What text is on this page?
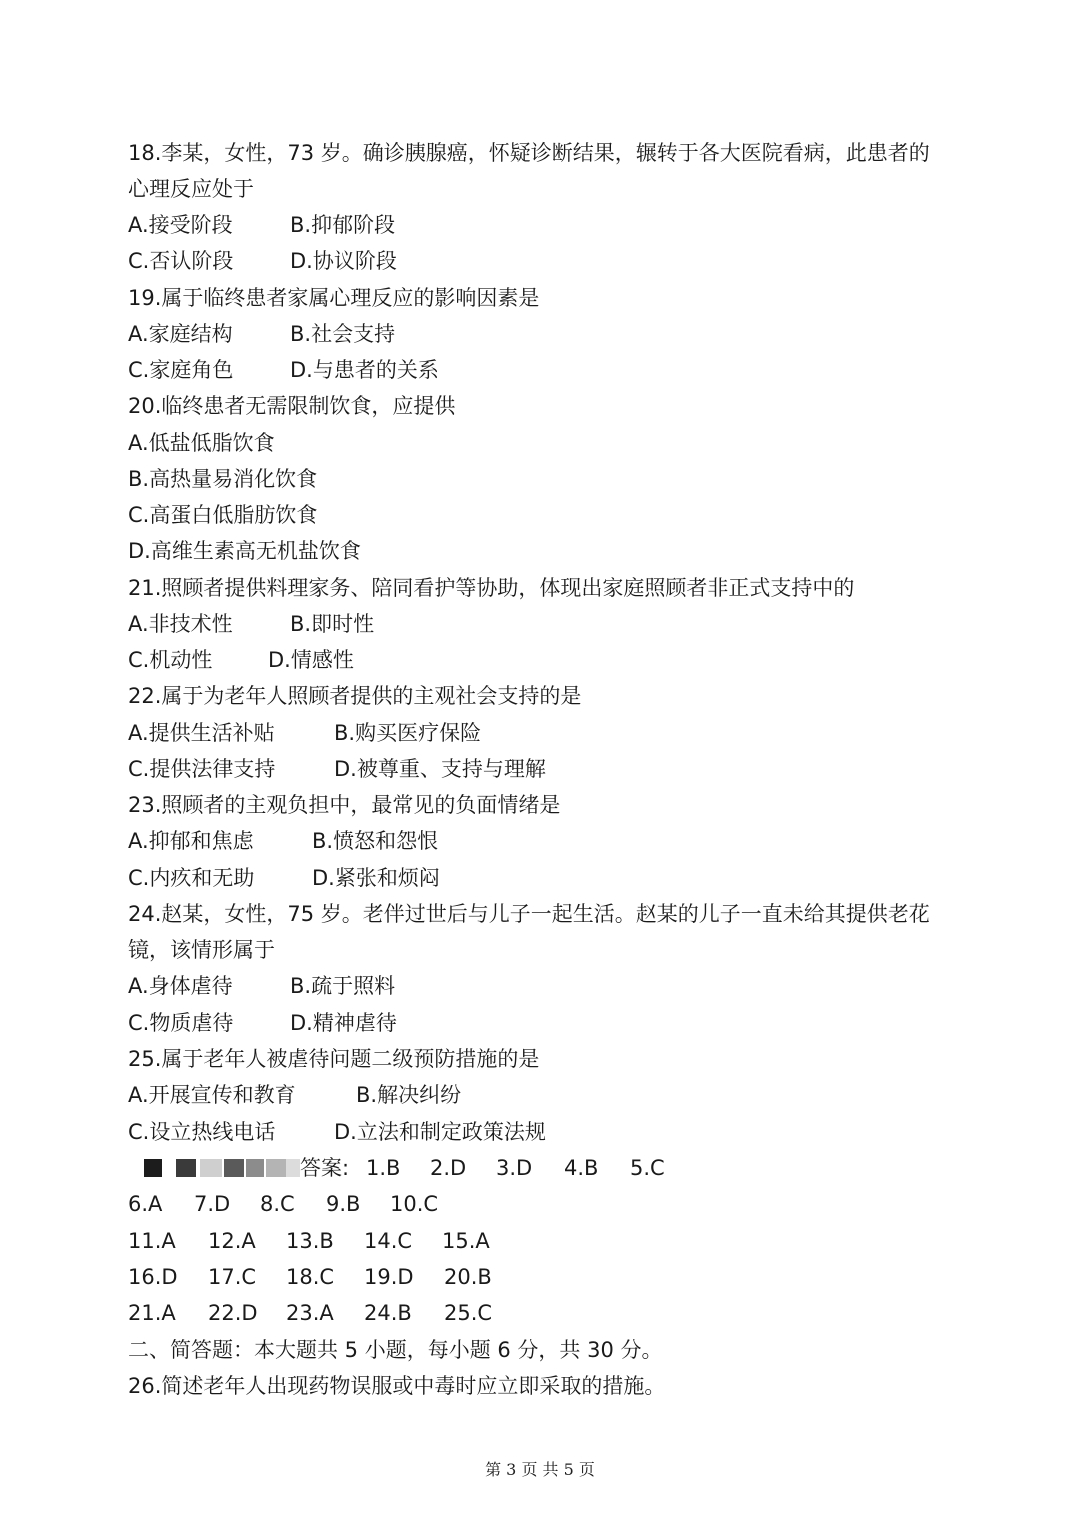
18.李某，女性，73 岁。确诊胰腺癌，怀疑诊断结果，辗转于各大医院看病，此患者的
心理反应处于
A.接受阶段	B.抑郁阶段
C.否认阶段	D.协议阶段
19.属于临终患者家属心理反应的影响因素是
A.家庭结构	B.社会支持
C.家庭角色	D.与患者的关系
20.临终患者无需限制饮食，应提供
A.低盐低脂饮食
B.高热量易消化饮食
C.高蛋白低脂肪饮食
D.高维生素高无机盐饮食
21.照顾者提供料理家务、陪同看护等协助，体现出家庭照顾者非正式支持中的
A.非技术性	B.即时性
C.机动性	D.情感性
22.属于为老年人照顾者提供的主观社会支持的是
A.提供生活补贴	B.购买医疗保险
C.提供法律支持	D.被尊重、支持与理解
23.照顾者的主观负担中，最常见的负面情绪是
A.抑郁和焦虑	B.愤怒和怨恨
C.内疚和无助	D.紧张和烦闷
24.赵某，女性，75 岁。老伴过世后与儿子一起生活。赵某的儿子一直未给其提供老花
镜，该情形属于
A.身体虐待	B.疏于照料
C.物质虐待	D.精神虐待
25.属于老年人被虐待问题二级预防措施的是
A.开展宣传和教育	B.解决纠纷
C.设立热线电话	D.立法和制定政策法规
答案: 1.B 2.D 3.D 4.B 5.C
6.A 7.D 8.C 9.B 10.C
11.A 12.A 13.B 14.C 15.A
16.D 17.C 18.C 19.D 20.B
21.A 22.D 23.A 24.B 25.C
二、简答题：本大题共 5 小题，每小题 6 分，共 30 分。
26.简述老年人出现药物误服或中毒时应立即采取的措施。
第 3 页 共 5 页
